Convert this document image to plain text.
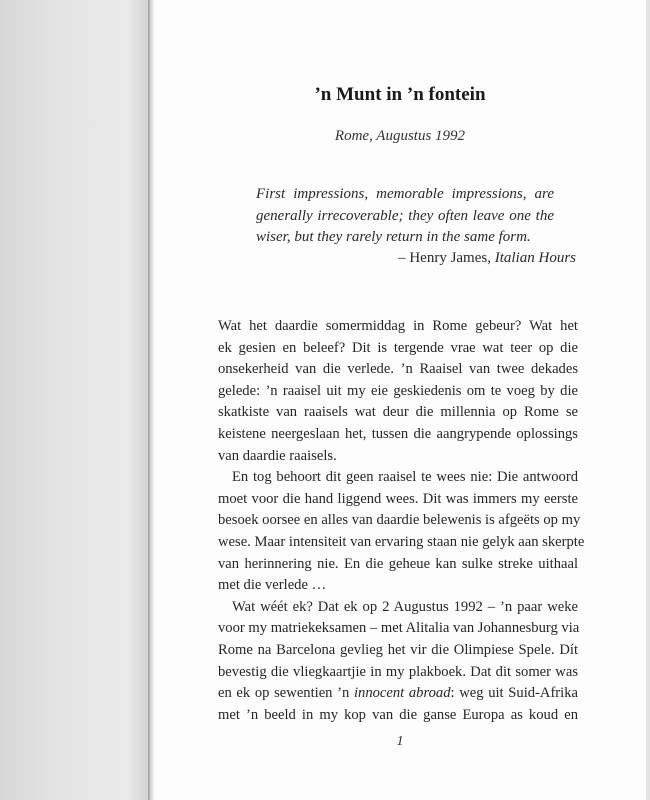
’n Munt in ’n fontein
Rome, Augustus 1992

First impressions, memorable impressions, are

generally irrecoverable; they often leave one the

wiser, but they rarely return in the same form.

– Henry James, Italian Hours
Wat het daardie somermiddag in Rome gebeur? Wat het
ek gesien en beleef? Dit is tergende vrae wat teer op die
onsekerheid van die verlede. ’n Raaisel van twee dekades
gelede: ’n raaisel uit my eie geskiedenis om te voeg by die
skatkiste van raaisels wat deur die millennia op Rome se
keistene neergeslaan het, tussen die aangrypende oplossings
van daardie raaisels.
En tog behoort dit geen raaisel te wees nie: Die antwoord
moet voor die hand liggend wees. Dit was immers my eerste
besoek oorsee en alles van daardie belewenis is afgeëts op my
wese. Maar intensiteit van ervaring staan nie gelyk aan skerpte
van herinnering nie. En die geheue kan sulke streke uithaal
met die verlede …
Wat wéét ek? Dat ek op 2 Augustus 1992 – ’n paar weke
voor my matriekeksamen – met Alitalia van Johannesburg via
Rome na Barcelona gevlieg het vir die Olimpiese Spele. Dít
bevestig die vliegkaartjie in my plakboek. Dat dit somer was
en ek op sewentien ’n innocent abroad: weg uit Suid-Afrika
met ’n beeld in my kop van die ganse Europa as koud en
1
